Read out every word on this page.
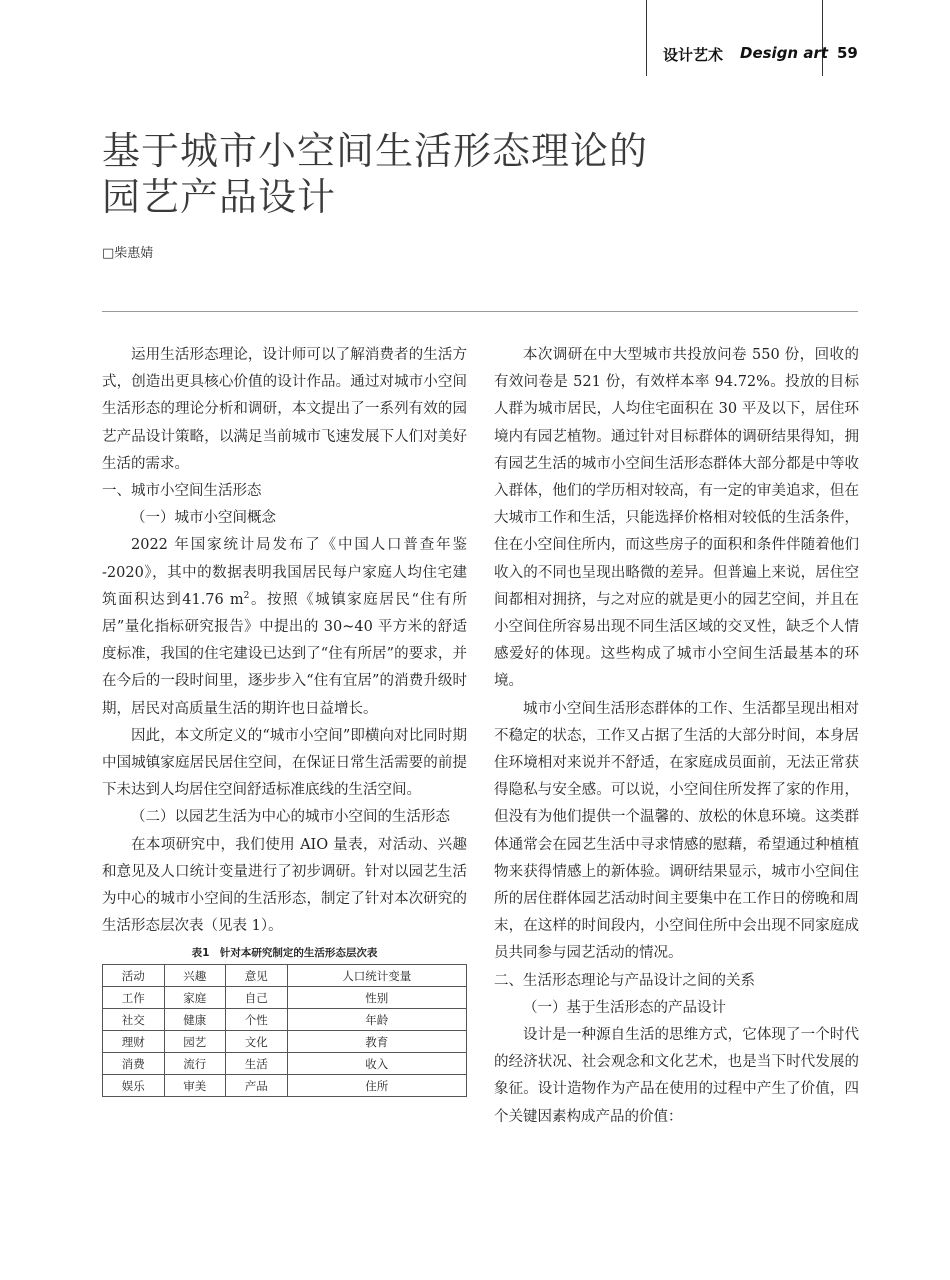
设计艺术 Design art 59
基于城市小空间生活形态理论的
园艺产品设计
□柴惠婧

运用生活形态理论，设计师可以了解消费者的生活方式，创造出更具核心价值的设计作品。通过对城市小空间生活形态的理论分析和调研，本文提出了一系列有效的园艺产品设计策略，以满足当前城市飞速发展下人们对美好生活的需求。

一、城市小空间生活形态

（一）城市小空间概念

2022 年国家统计局发布了《中国人口普查年鉴 -2020》，其中的数据表明我国居民每户家庭人均住宅建筑面积达到41.76 $m^2$。按照《城镇家庭居民“住有所居”量化指标研究报告》中提出的 30~40 平方米的舒适度标准，我国的住宅建设已达到了“住有所居”的要求，并在今后的一段时间里，逐步步入“住有宜居”的消费升级时期，居民对高质量生活的期许也日益增长。

因此，本文所定义的“城市小空间”即横向对比同时期中国城镇家庭居民居住空间，在保证日常生活需要的前提下未达到人均居住空间舒适标准底线的生活空间。

（二）以园艺生活为中心的城市小空间的生活形态

在本项研究中，我们使用 AIO 量表，对活动、兴趣和意见及人口统计变量进行了初步调研。针对以园艺生活为中心的城市小空间的生活形态，制定了针对本次研究的生活形态层次表（见表 1）。

表1　针对本研究制定的生活形态层次表
活动	兴趣	意见	人口统计变量
工作	家庭	自己	性别
社交	健康	个性	年龄
理财	园艺	文化	教育
消费	流行	生活	收入
娱乐	审美	产品	住所

本次调研在中大型城市共投放问卷 550 份，回收的有效问卷是 521 份，有效样本率 94.72%。投放的目标人群为城市居民，人均住宅面积在 30 平及以下，居住环境内有园艺植物。通过针对目标群体的调研结果得知，拥有园艺生活的城市小空间生活形态群体大部分都是中等收入群体，他们的学历相对较高，有一定的审美追求，但在大城市工作和生活，只能选择价格相对较低的生活条件，住在小空间住所内，而这些房子的面积和条件伴随着他们收入的不同也呈现出略微的差异。但普遍上来说，居住空间都相对拥挤，与之对应的就是更小的园艺空间，并且在小空间住所容易出现不同生活区域的交叉性，缺乏个人情感爱好的体现。这些构成了城市小空间生活最基本的环境。

城市小空间生活形态群体的工作、生活都呈现出相对不稳定的状态，工作又占据了生活的大部分时间，本身居住环境相对来说并不舒适，在家庭成员面前，无法正常获得隐私与安全感。可以说，小空间住所发挥了家的作用，但没有为他们提供一个温馨的、放松的休息环境。这类群体通常会在园艺生活中寻求情感的慰藉，希望通过种植植物来获得情感上的新体验。调研结果显示，城市小空间住所的居住群体园艺活动时间主要集中在工作日的傍晚和周末，在这样的时间段内，小空间住所中会出现不同家庭成员共同参与园艺活动的情况。

二、生活形态理论与产品设计之间的关系

（一）基于生活形态的产品设计

设计是一种源自生活的思维方式，它体现了一个时代的经济状况、社会观念和文化艺术，也是当下时代发展的象征。设计造物作为产品在使用的过程中产生了价值，四个关键因素构成产品的价值：
